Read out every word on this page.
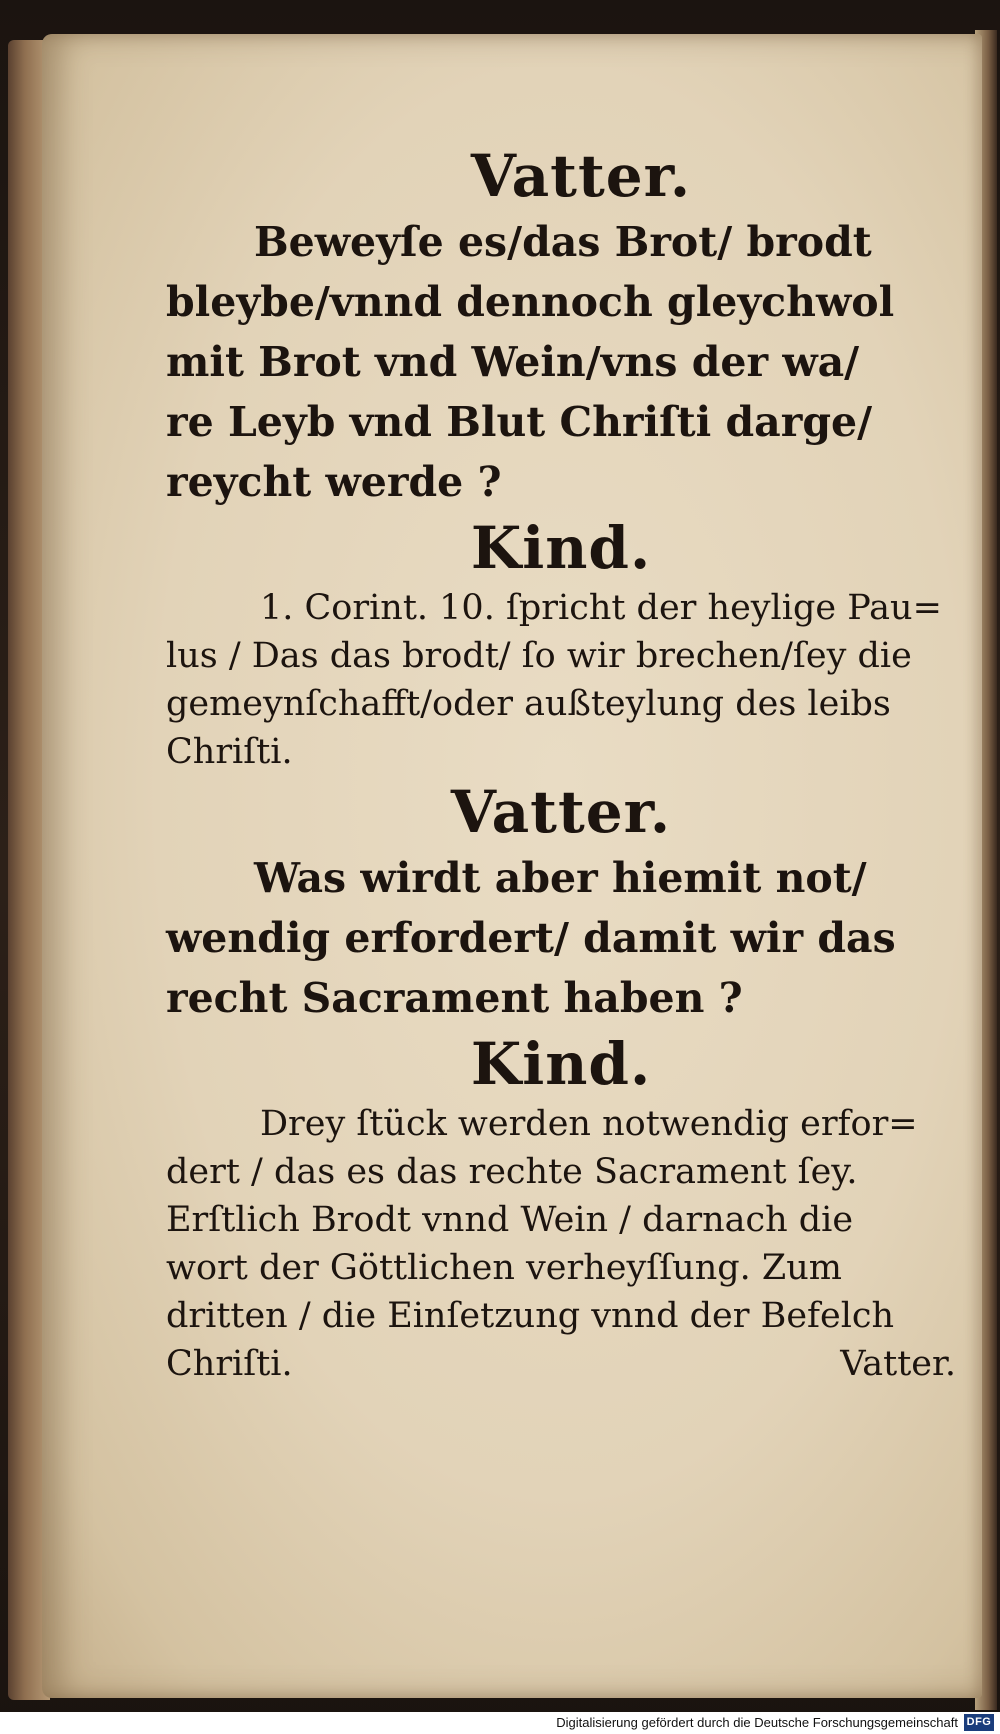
Vatter.
Beweyſe es/das Brot/ brodt
bleybe/vnnd dennoch gleychwol
mit Brot vnd Wein/vns der wa/
re Leyb vnd Blut Chriſti darge/
reycht werde ?
Kind.
1. Corint. 10. ſpricht der heylige Pau=
lus / Das das brodt/ ſo wir brechen/ſey die
gemeynſchafft/oder außteylung des leibs
Chriſti.
Vatter.
Was wirdt aber hiemit not/
wendig erfordert/ damit wir das
recht Sacrament haben ?
Kind.
Drey ſtück werden notwendig erfor=
dert / das es das rechte Sacrament ſey.
Erſtlich Brodt vnnd Wein / darnach die
wort der Göttlichen verheyſſung. Zum
dritten / die Einſetzung vnnd der Befelch
Chriſti.	Vatter.
Digitalisierung gefördert durch die Deutsche Forschungsgemeinschaft DFG
